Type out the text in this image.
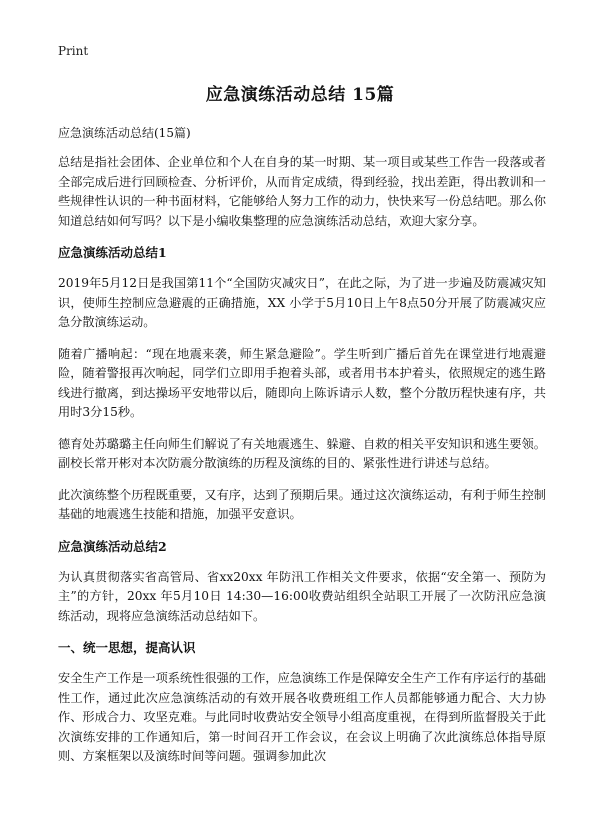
Print
应急演练活动总结 15篇
应急演练活动总结(15篇)

总结是指社会团体、企业单位和个人在自身的某一时期、某一项目或某些工作告一段落或者全部完成后进行回顾检查、分析评价，从而肯定成绩，得到经验，找出差距，得出教训和一些规律性认识的一种书面材料，它能够给人努力工作的动力，快快来写一份总结吧。那么你知道总结如何写吗？以下是小编收集整理的应急演练活动总结，欢迎大家分享。

应急演练活动总结1

2019年5月12日是我国第11个“全国防灾减灾日”，在此之际，为了进一步遍及防震减灾知识，使师生控制应急避震的正确措施，XX 小学于5月10日上午8点50分开展了防震减灾应急分散演练运动。

随着广播响起：“现在地震来袭，师生紧急避险”。学生听到广播后首先在课堂进行地震避险，随着警报再次响起，同学们立即用手抱着头部，或者用书本护着头，依照规定的逃生路线进行撤离，到达操场平安地带以后，随即向上陈诉请示人数，整个分散历程快速有序，共用时3分15秒。

德育处苏璐璐主任向师生们解说了有关地震逃生、躲避、自救的相关平安知识和逃生要领。副校长常开彬对本次防震分散演练的历程及演练的目的、紧张性进行讲述与总结。

此次演练整个历程既重要，又有序，达到了预期后果。通过这次演练运动，有利于师生控制基础的地震逃生技能和措施，加强平安意识。

应急演练活动总结2

为认真贯彻落实省高管局、省xx20xx 年防汛工作相关文件要求，依据“安全第一、预防为主”的方针，20xx 年5月10日 14:30—16:00收费站组织全站职工开展了一次防汛应急演练活动，现将应急演练活动总结如下。

一、统一思想，提高认识

安全生产工作是一项系统性很强的工作，应急演练工作是保障安全生产工作有序运行的基础性工作，通过此次应急演练活动的有效开展各收费班组工作人员都能够通力配合、大力协作、形成合力、攻坚克难。与此同时收费站安全领导小组高度重视，在得到所监督股关于此次演练安排的工作通知后，第一时间召开工作会议，在会议上明确了次此演练总体指导原则、方案框架以及演练时间等问题。强调参加此次
